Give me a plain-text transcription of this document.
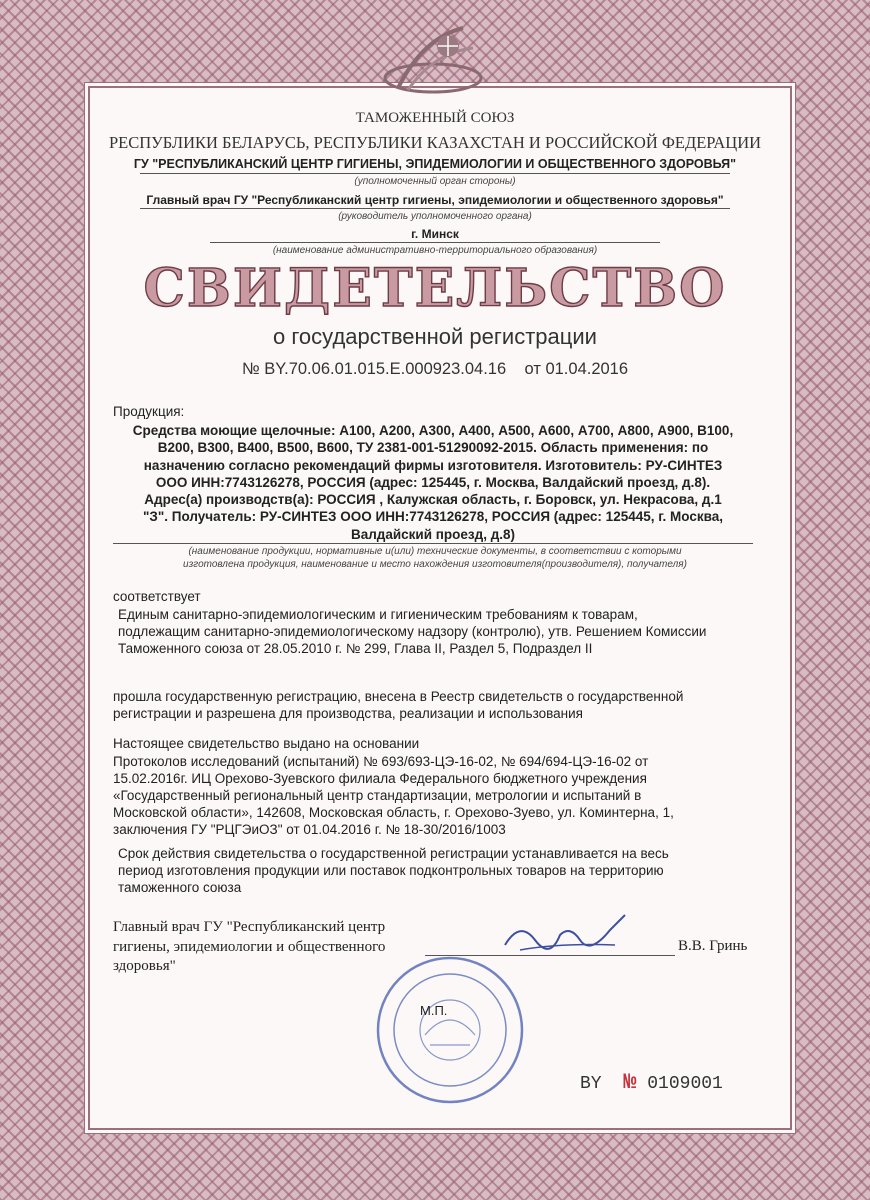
ТАМОЖЕННЫЙ СОЮЗ
РЕСПУБЛИКИ БЕЛАРУСЬ, РЕСПУБЛИКИ КАЗАХСТАН И РОССИЙСКОЙ ФЕДЕРАЦИИ
ГУ "РЕСПУБЛИКАНСКИЙ ЦЕНТР ГИГИЕНЫ, ЭПИДЕМИОЛОГИИ И ОБЩЕСТВЕННОГО ЗДОРОВЬЯ"
(уполномоченный орган стороны)
Главный врач ГУ "Республиканский центр гигиены, эпидемиологии и общественного здоровья"
(руководитель уполномоченного органа)
г. Минск
(наименование административно-территориального образования)
СВИДЕТЕЛЬСТВО
о государственной регистрации
№ BY.70.06.01.015.E.000923.04.16 от 01.04.2016
Продукция:
Средства моющие щелочные: А100, А200, А300, А400, А500, А600, А700, А800, А900, В100,
В200, В300, В400, В500, В600, ТУ 2381-001-51290092-2015. Область применения: по
назначению согласно рекомендаций фирмы изготовителя. Изготовитель: РУ-СИНТЕЗ
ООО ИНН:7743126278, РОССИЯ (адрес: 125445, г. Москва, Валдайский проезд, д.8).
Адрес(а) производств(а): РОССИЯ , Калужская область, г. Боровск, ул. Некрасова, д.1
"З". Получатель: РУ-СИНТЕЗ ООО ИНН:7743126278, РОССИЯ (адрес: 125445, г. Москва,
Валдайский проезд, д.8)
(наименование продукции, нормативные и(или) технические документы, в соответствии с которыми
изготовлена продукция, наименование и место нахождения изготовителя(производителя), получателя)
соответствует
Единым санитарно-эпидемиологическим и гигиеническим требованиям к товарам,
подлежащим санитарно-эпидемиологическому надзору (контролю), утв. Решением Комиссии
Таможенного союза от 28.05.2010 г. № 299, Глава II, Раздел 5, Подраздел II
прошла государственную регистрацию, внесена в Реестр свидетельств о государственной
регистрации и разрешена для производства, реализации и использования
Настоящее свидетельство выдано на основании
Протоколов исследований (испытаний) № 693/693-ЦЭ-16-02, № 694/694-ЦЭ-16-02 от
15.02.2016г. ИЦ Орехово-Зуевского филиала Федерального бюджетного учреждения
«Государственный региональный центр стандартизации, метрологии и испытаний в
Московской области», 142608, Московская область, г. Орехово-Зуево, ул. Коминтерна, 1,
заключения ГУ "РЦГЭиОЗ" от 01.04.2016 г. № 18-30/2016/1003
Срок действия свидетельства о государственной регистрации устанавливается на весь
период изготовления продукции или поставок подконтрольных товаров на территорию
таможенного союза
Главный врач ГУ "Республиканский центр
гигиены, эпидемиологии и общественного
здоровья"
В.В. Гринь
М.П.
BY № 0109001
